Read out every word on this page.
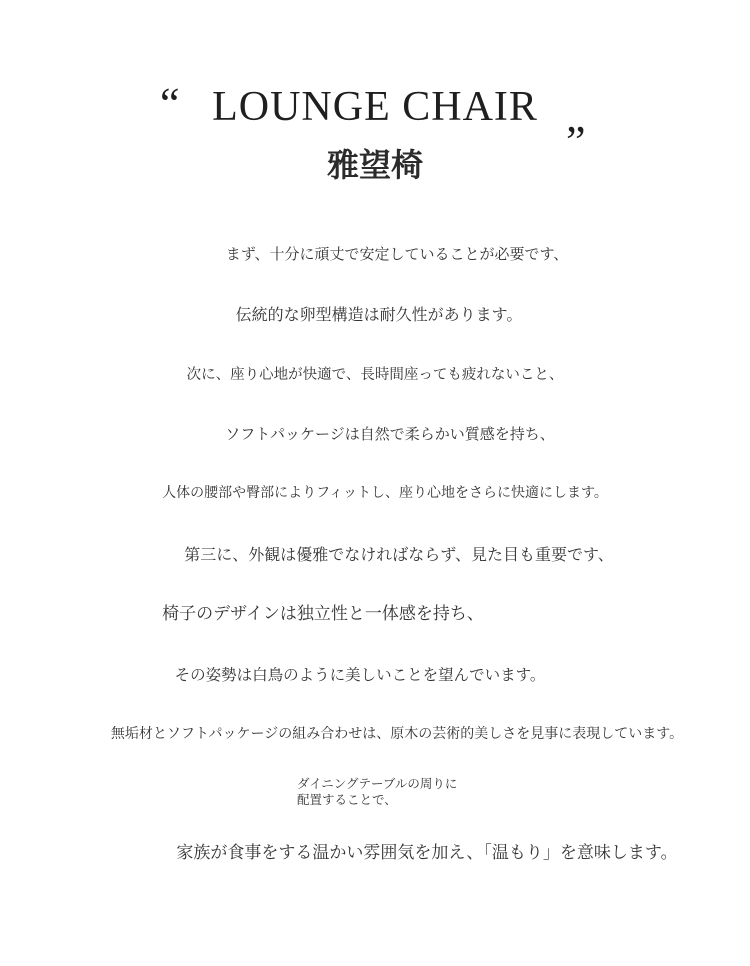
“ LOUNGE CHAIR
”
雅望椅

まず、十分に頑丈で安定していることが必要です、

伝統的な卵型構造は耐久性があります。

次に、座り心地が快適で、長時間座っても疲れないこと、

ソフトパッケージは自然で柔らかい質感を持ち、

人体の腰部や臀部によりフィットし、座り心地をさらに快適にします。

第三に、外観は優雅でなければならず、見た目も重要です、

椅子のデザインは独立性と一体感を持ち、

その姿勢は白鳥のように美しいことを望んでいます。

無垢材とソフトパッケージの組み合わせは、原木の芸術的美しさを見事に表現しています。

ダイニングテーブルの周りに
配置することで、

家族が食事をする温かい雰囲気を加え、「温もり」を意味します。
